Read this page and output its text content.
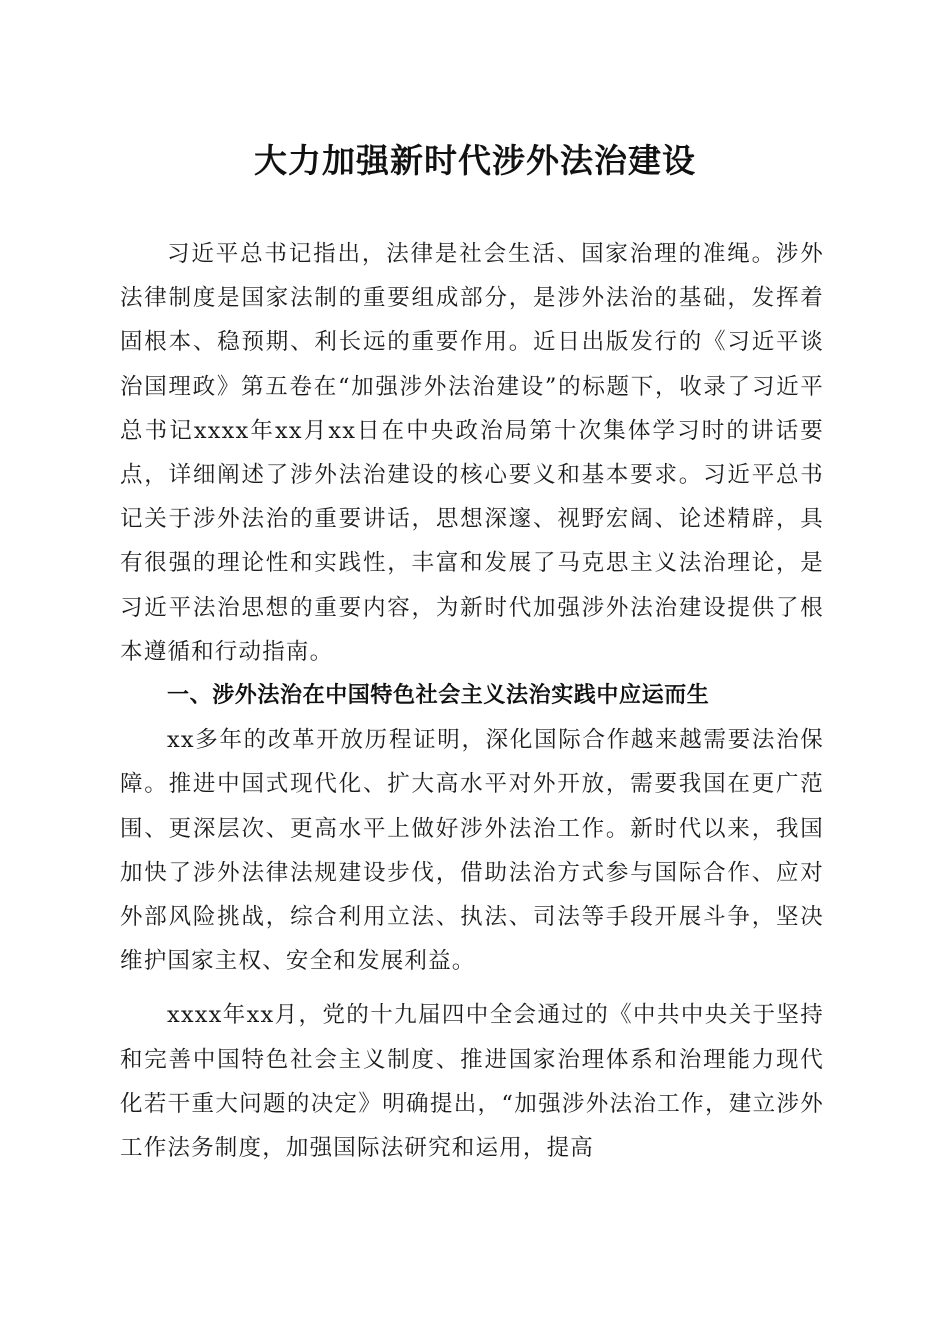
大力加强新时代涉外法治建设

习近平总书记指出，法律是社会生活、国家治理的准绳。涉外法律制度是国家法制的重要组成部分，是涉外法治的基础，发挥着固根本、稳预期、利长远的重要作用。近日出版发行的《习近平谈治国理政》第五卷在“加强涉外法治建设”的标题下，收录了习近平总书记xxxx年xx月xx日在中央政治局第十次集体学习时的讲话要点，详细阐述了涉外法治建设的核心要义和基本要求。习近平总书记关于涉外法治的重要讲话，思想深邃、视野宏阔、论述精辟，具有很强的理论性和实践性，丰富和发展了马克思主义法治理论，是习近平法治思想的重要内容，为新时代加强涉外法治建设提供了根本遵循和行动指南。

一、涉外法治在中国特色社会主义法治实践中应运而生

xx多年的改革开放历程证明，深化国际合作越来越需要法治保障。推进中国式现代化、扩大高水平对外开放，需要我国在更广范围、更深层次、更高水平上做好涉外法治工作。新时代以来，我国加快了涉外法律法规建设步伐，借助法治方式参与国际合作、应对外部风险挑战，综合利用立法、执法、司法等手段开展斗争，坚决维护国家主权、安全和发展利益。

xxxx年xx月，党的十九届四中全会通过的《中共中央关于坚持和完善中国特色社会主义制度、推进国家治理体系和治理能力现代化若干重大问题的决定》明确提出，“加强涉外法治工作，建立涉外工作法务制度，加强国际法研究和运用，提高
